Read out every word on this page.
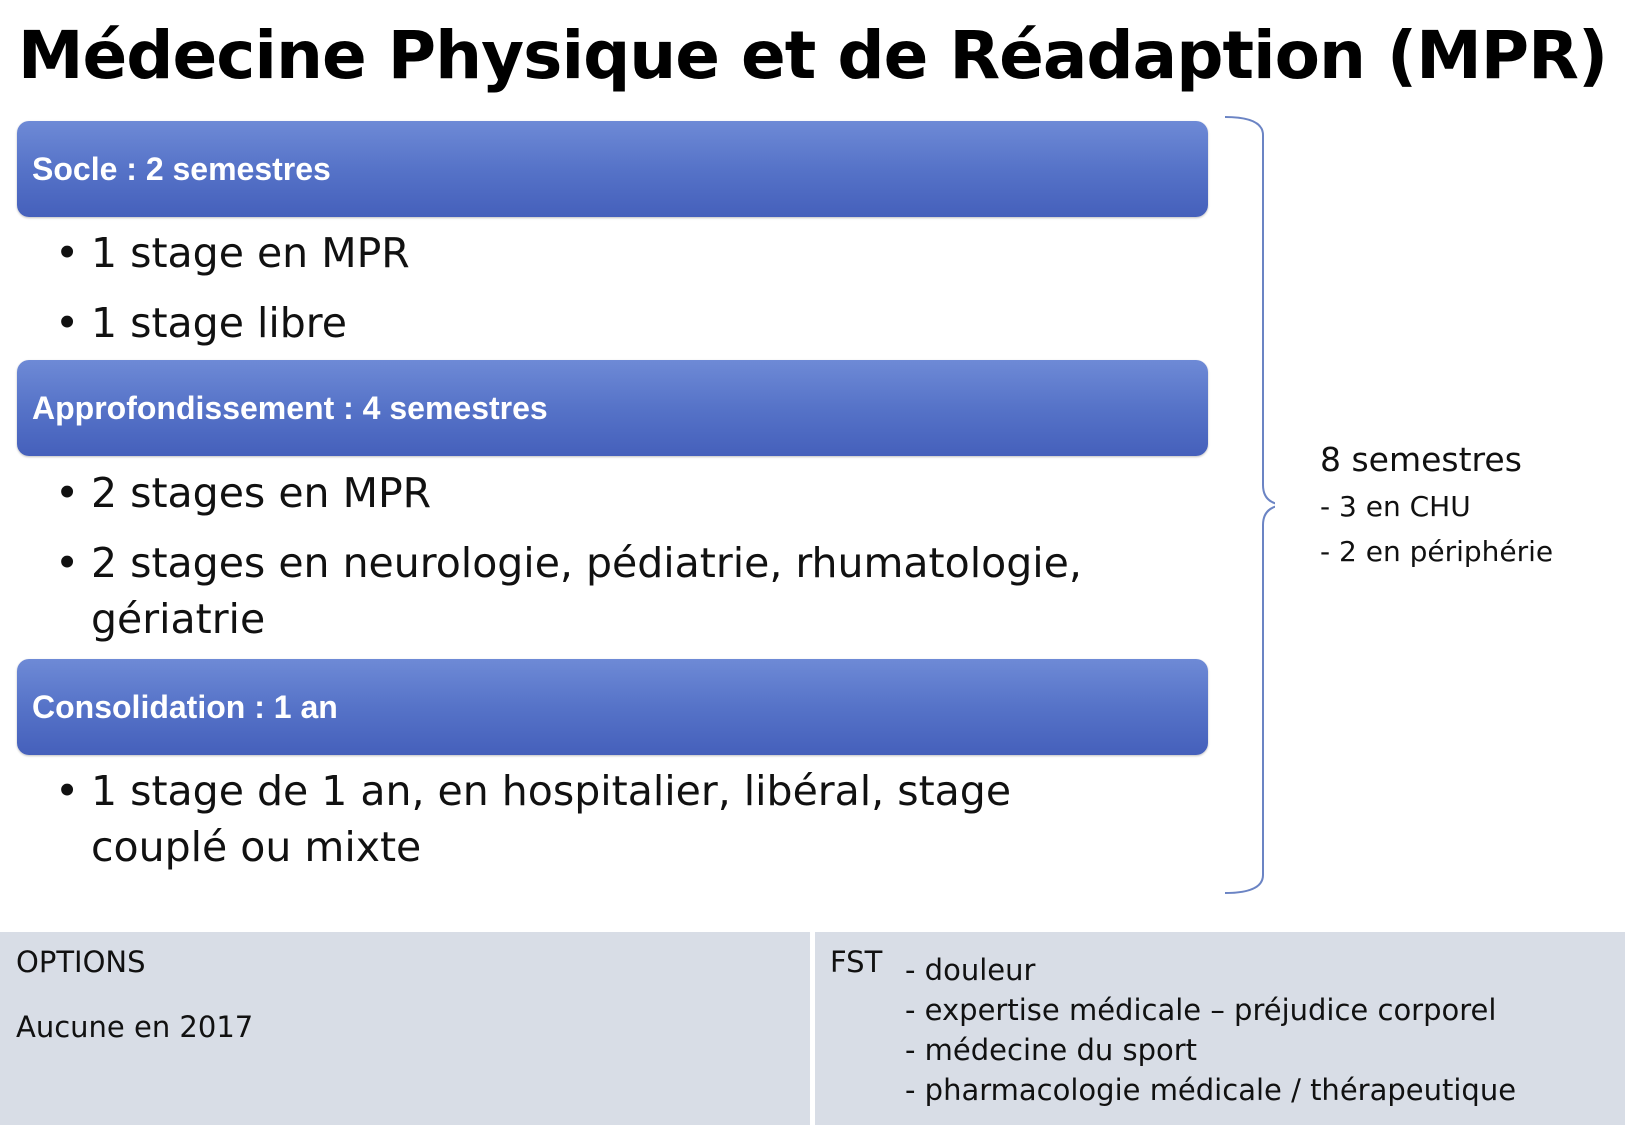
Médecine Physique et de Réadaption (MPR)
Socle : 2 semestres
• 1 stage en MPR
• 1 stage libre
Approfondissement : 4 semestres
• 2 stages en MPR
• 2 stages en neurologie, pédiatrie, rhumatologie,
gériatrie
Consolidation : 1 an
• 1 stage de 1 an, en hospitalier, libéral, stage
couplé ou mixte
8 semestres
- 3 en CHU
- 2 en périphérie
OPTIONS
Aucune en 2017
FST - douleur
- expertise médicale – préjudice corporel
- médecine du sport
- pharmacologie médicale / thérapeutique
